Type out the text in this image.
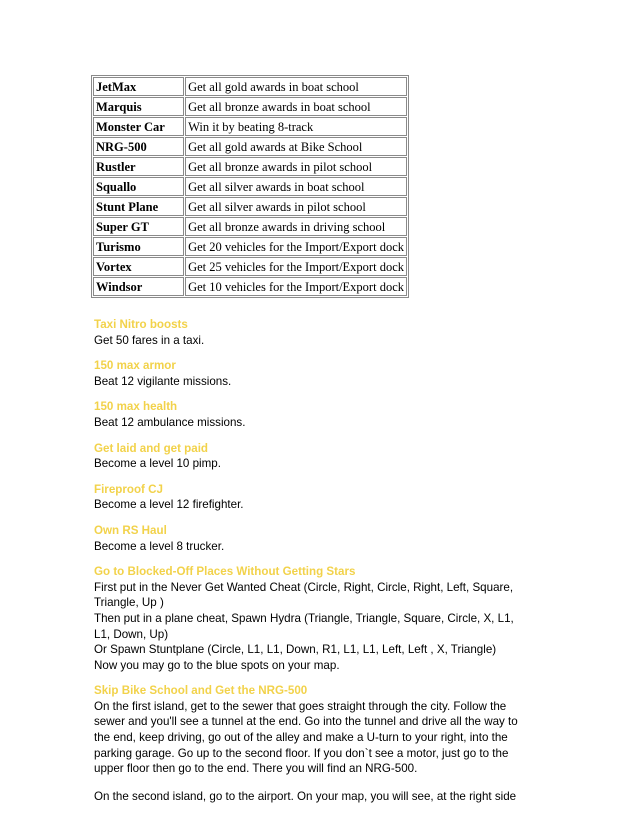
JetMax	Get all gold awards in boat school
Marquis	Get all bronze awards in boat school
Monster Car	Win it by beating 8-track
NRG-500	Get all gold awards at Bike School
Rustler	Get all bronze awards in pilot school
Squallo	Get all silver awards in boat school
Stunt Plane	Get all silver awards in pilot school
Super GT	Get all bronze awards in driving school
Turismo	Get 20 vehicles for the Import/Export dock
Vortex	Get 25 vehicles for the Import/Export dock
Windsor	Get 10 vehicles for the Import/Export dock
Taxi Nitro boosts

Get 50 fares in a taxi.

150 max armor

Beat 12 vigilante missions.

150 max health

Beat 12 ambulance missions.

Get laid and get paid

Become a level 10 pimp.

Fireproof CJ

Become a level 12 firefighter.

Own RS Haul

Become a level 8 trucker.

Go to Blocked-Off Places Without Getting Stars

First put in the Never Get Wanted Cheat (Circle, Right, Circle, Right, Left, Square,
Triangle, Up )
Then put in a plane cheat, Spawn Hydra (Triangle, Triangle, Square, Circle, X, L1,
L1, Down, Up)
Or Spawn Stuntplane (Circle, L1, L1, Down, R1, L1, L1, Left, Left , X, Triangle)
Now you may go to the blue spots on your map.

Skip Bike School and Get the NRG-500

On the first island, get to the sewer that goes straight through the city. Follow the
sewer and you'll see a tunnel at the end. Go into the tunnel and drive all the way to
the end, keep driving, go out of the alley and make a U-turn to your right, into the
parking garage. Go up to the second floor. If you don`t see a motor, just go to the
upper floor then go to the end. There you will find an NRG-500.

On the second island, go to the airport. On your map, you will see, at the right side
